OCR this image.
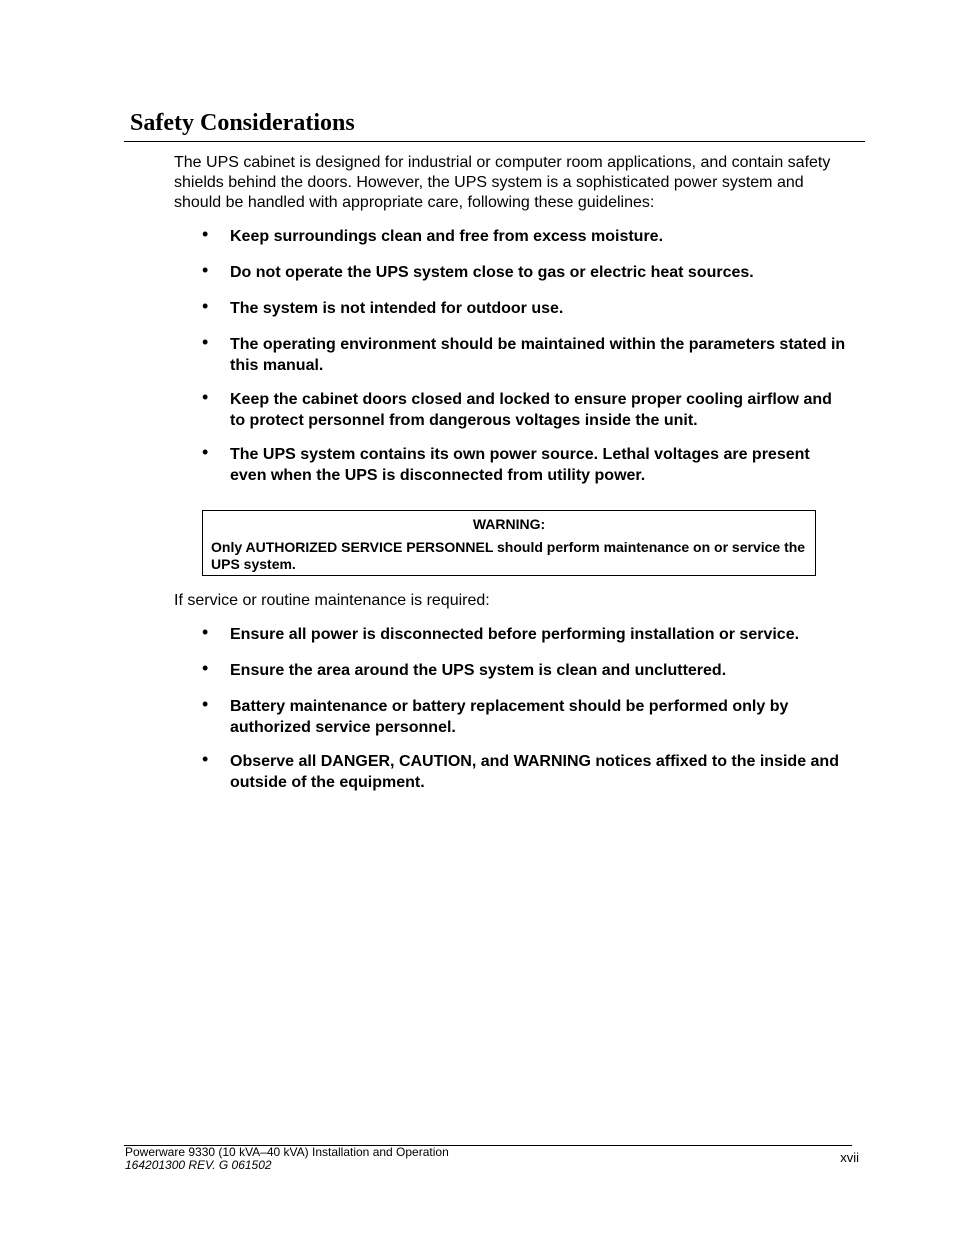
Safety Considerations

The UPS cabinet is designed for industrial or computer room applications, and contain safety shields behind the doors. However, the UPS system is a sophisticated power system and should be handled with appropriate care, following these guidelines:

• Keep surroundings clean and free from excess moisture.
• Do not operate the UPS system close to gas or electric heat sources.
• The system is not intended for outdoor use.
• The operating environment should be maintained within the parameters stated in this manual.
• Keep the cabinet doors closed and locked to ensure proper cooling airflow and to protect personnel from dangerous voltages inside the unit.
• The UPS system contains its own power source. Lethal voltages are present even when the UPS is disconnected from utility power.

WARNING:

Only AUTHORIZED SERVICE PERSONNEL should perform maintenance on or service the UPS system.

If service or routine maintenance is required:

• Ensure all power is disconnected before performing installation or service.
• Ensure the area around the UPS system is clean and uncluttered.
• Battery maintenance or battery replacement should be performed only by authorized service personnel.
• Observe all DANGER, CAUTION, and WARNING notices affixed to the inside and outside of the equipment.
Powerware 9330 (10 kVA–40 kVA) Installation and Operation
164201300 REV. G 061502	xvii
